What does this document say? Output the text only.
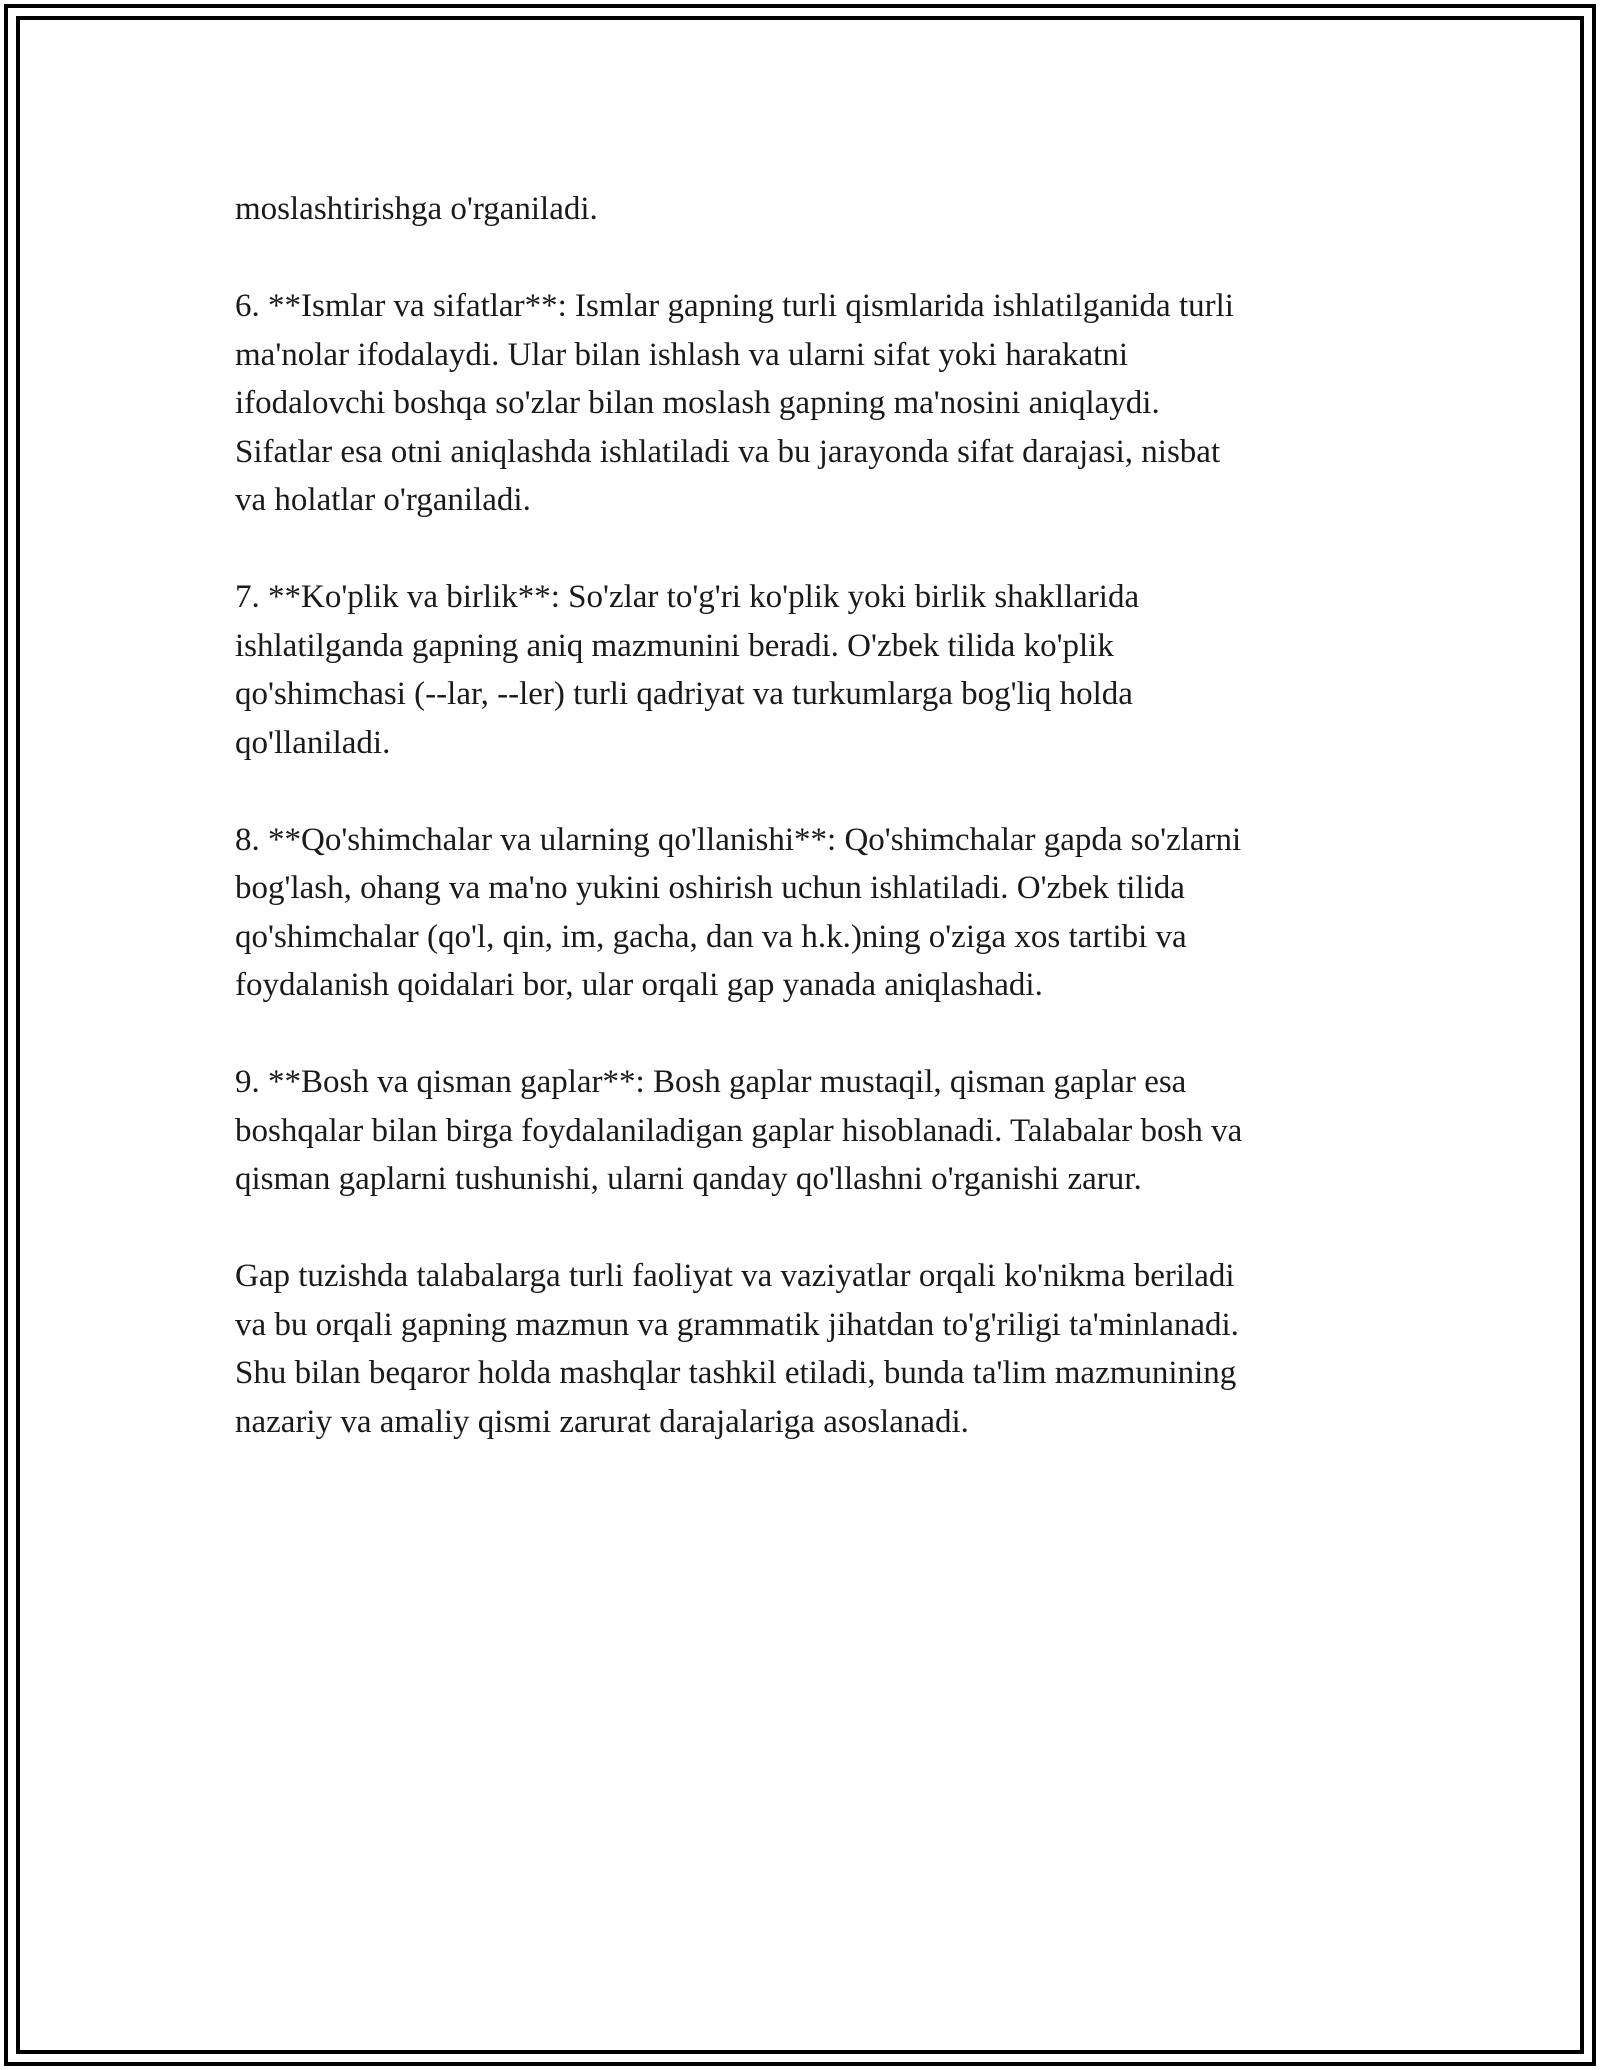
moslashtirishga o'rganiladi.

6. **Ismlar va sifatlar**: Ismlar gapning turli qismlarida ishlatilganida turli
ma'nolar ifodalaydi. Ular bilan ishlash va ularni sifat yoki harakatni
ifodalovchi boshqa so'zlar bilan moslash gapning ma'nosini aniqlaydi.
Sifatlar esa otni aniqlashda ishlatiladi va bu jarayonda sifat darajasi, nisbat
va holatlar o'rganiladi.

7. **Ko'plik va birlik**: So'zlar to'g'ri ko'plik yoki birlik shakllarida
ishlatilganda gapning aniq mazmunini beradi. O'zbek tilida ko'plik
qo'shimchasi (--lar, --ler) turli qadriyat va turkumlarga bog'liq holda
qo'llaniladi.

8. **Qo'shimchalar va ularning qo'llanishi**: Qo'shimchalar gapda so'zlarni
bog'lash, ohang va ma'no yukini oshirish uchun ishlatiladi. O'zbek tilida
qo'shimchalar (qo'l, qin, im, gacha, dan va h.k.)ning o'ziga xos tartibi va
foydalanish qoidalari bor, ular orqali gap yanada aniqlashadi.

9. **Bosh va qisman gaplar**: Bosh gaplar mustaqil, qisman gaplar esa
boshqalar bilan birga foydalaniladigan gaplar hisoblanadi. Talabalar bosh va
qisman gaplarni tushunishi, ularni qanday qo'llashni o'rganishi zarur.

Gap tuzishda talabalarga turli faoliyat va vaziyatlar orqali ko'nikma beriladi
va bu orqali gapning mazmun va grammatik jihatdan to'g'riligi ta'minlanadi.
Shu bilan beqaror holda mashqlar tashkil etiladi, bunda ta'lim mazmunining
nazariy va amaliy qismi zarurat darajalariga asoslanadi.
